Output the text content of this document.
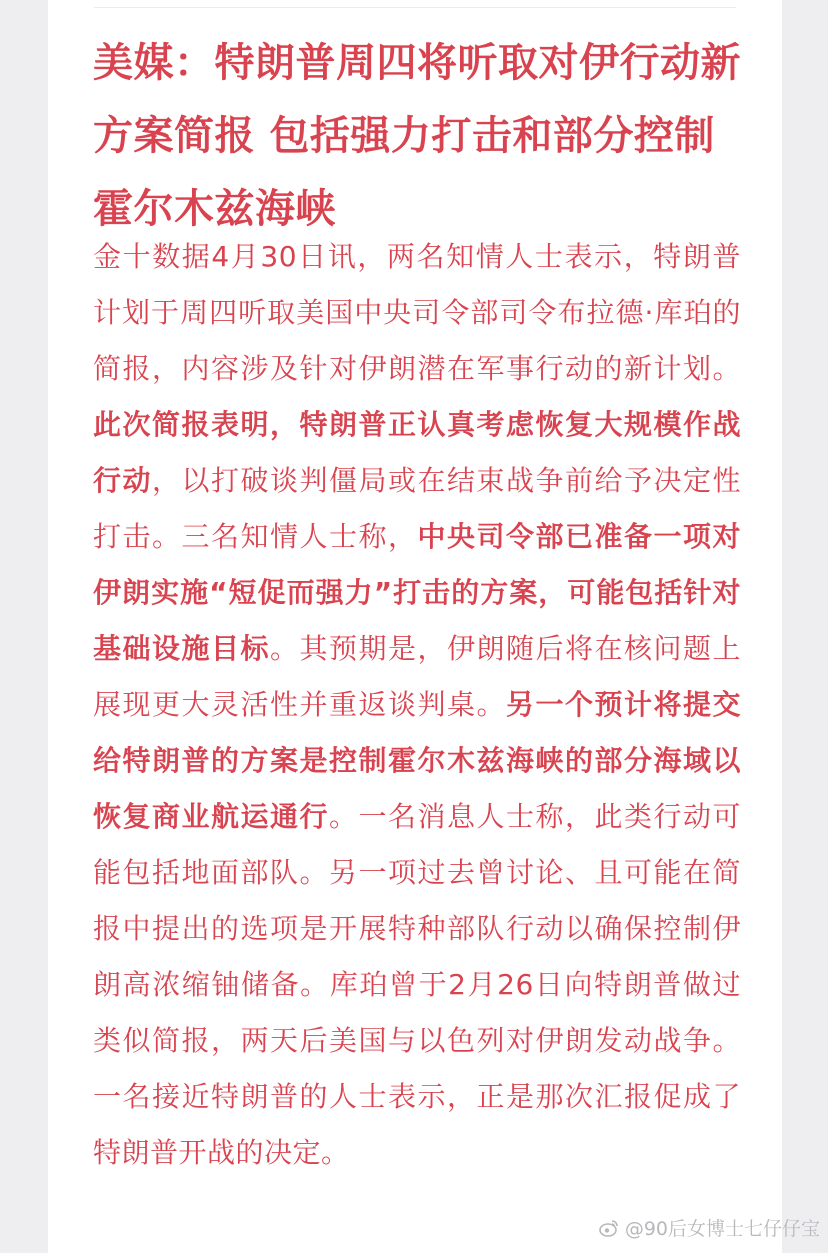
美媒：特朗普周四将听取对伊行动新方案简报 包括强力打击和部分控制霍尔木兹海峡

金十数据4月30日讯，两名知情人士表示，特朗普计划于周四听取美国中央司令部司令布拉德·库珀的简报，内容涉及针对伊朗潜在军事行动的新计划。此次简报表明，特朗普正认真考虑恢复大规模作战行动，以打破谈判僵局或在结束战争前给予决定性打击。三名知情人士称，中央司令部已准备一项对伊朗实施“短促而强力”打击的方案，可能包括针对基础设施目标。其预期是，伊朗随后将在核问题上展现更大灵活性并重返谈判桌。另一个预计将提交给特朗普的方案是控制霍尔木兹海峡的部分海域以恢复商业航运通行。一名消息人士称，此类行动可能包括地面部队。另一项过去曾讨论、且可能在简报中提出的选项是开展特种部队行动以确保控制伊朗高浓缩铀储备。库珀曾于2月26日向特朗普做过类似简报，两天后美国与以色列对伊朗发动战争。一名接近特朗普的人士表示，正是那次汇报促成了特朗普开战的决定。

@90后女博士七仔仔宝
